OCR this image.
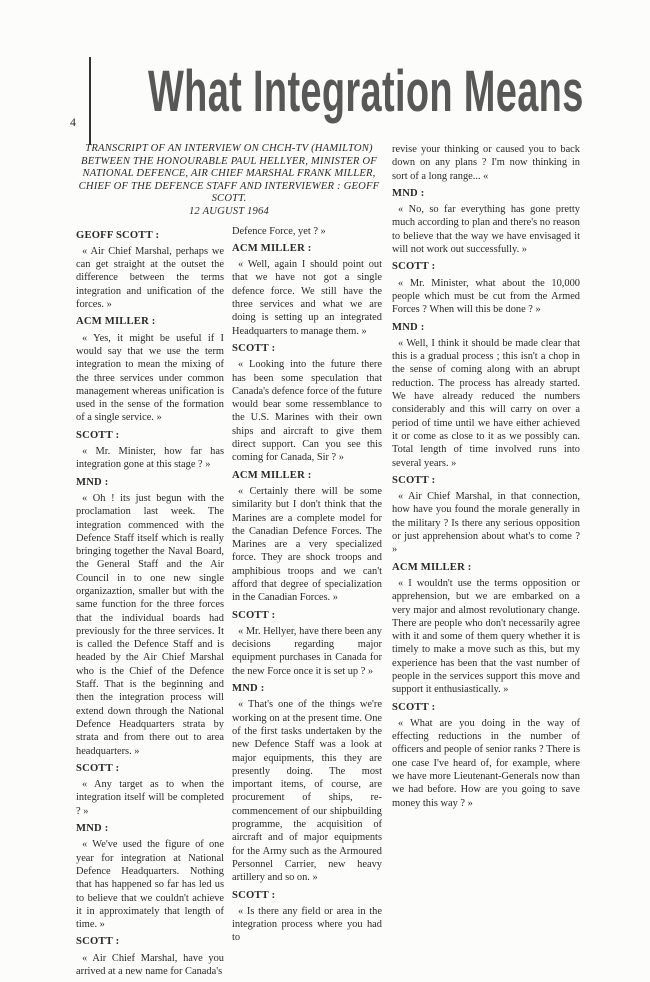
4 What Integration Means
TRANSCRIPT OF AN INTERVIEW ON CHCH-TV (HAMILTON) BETWEEN THE HONOURABLE PAUL HELLYER, MINISTER OF NATIONAL DEFENCE, AIR CHIEF MARSHAL FRANK MILLER, CHIEF OF THE DEFENCE STAFF AND INTERVIEWER : GEOFF SCOTT.
12 AUGUST 1964
GEOFF SCOTT :
« Air Chief Marshal, perhaps we can get straight at the outset the difference between the terms integration and unification of the forces. »
ACM MILLER :
« Yes, it might be useful if I would say that we use the term integration to mean the mixing of the three services under common management whereas unification is used in the sense of the formation of a single service. »
SCOTT :
« Mr. Minister, how far has integration gone at this stage ? »
MND :
« Oh ! its just begun with the proclamation last week. The integration commenced with the Defence Staff itself which is really bringing together the Naval Board, the General Staff and the Air Council in to one new single organizaztion, smaller but with the same function for the three forces that the individual boards had previously for the three services. It is called the Defence Staff and is headed by the Air Chief Marshal who is the Chief of the Defence Staff. That is the beginning and then the integration process will extend down through the National Defence Headquarters strata by strata and from there out to area headquarters. »
SCOTT :
« Any target as to when the integration itself will be completed ? »
MND :
« We've used the figure of one year for integration at National Defence Headquarters. Nothing that has happened so far has led us to believe that we couldn't achieve it in approximately that length of time. »
SCOTT :
« Air Chief Marshal, have you arrived at a new name for Canada's
Defence Force, yet ? »
ACM MILLER :
« Well, again I should point out that we have not got a single defence force. We still have the three services and what we are doing is setting up an integrated Headquarters to manage them. »
SCOTT :
« Looking into the future there has been some speculation that Canada's defence force of the future would bear some ressemblance to the U.S. Marines with their own ships and aircraft to give them direct support. Can you see this coming for Canada, Sir ? »
ACM MILLER :
« Certainly there will be some similarity but I don't think that the Marines are a complete model for the Canadian Defence Forces. The Marines are a very specialized force. They are shock troops and amphibious troops and we can't afford that degree of specialization in the Canadian Forces. »
SCOTT :
« Mr. Hellyer, have there been any decisions regarding major equipment purchases in Canada for the new Force once it is set up ? »
MND :
« That's one of the things we're working on at the present time. One of the first tasks undertaken by the new Defence Staff was a look at major equipments, this they are presently doing. The most important items, of course, are procurement of ships, re-commencement of our shipbuilding programme, the acquisition of aircraft and of major equipments for the Army such as the Armoured Personnel Carrier, new heavy artillery and so on. »
SCOTT :
« Is there any field or area in the integration process where you had to
revise your thinking or caused you to back down on any plans ? I'm now thinking in sort of a long range... «
MND :
« No, so far everything has gone pretty much according to plan and there's no reason to believe that the way we have envisaged it will not work out successfully. »
SCOTT :
« Mr. Minister, what about the 10,000 people which must be cut from the Armed Forces ? When will this be done ? »
MND :
« Well, I think it should be made clear that this is a gradual process ; this isn't a chop in the sense of coming along with an abrupt reduction. The process has already started. We have already reduced the numbers considerably and this will carry on over a period of time until we have either achieved it or come as close to it as we possibly can. Total length of time involved runs into several years. »
SCOTT :
« Air Chief Marshal, in that connection, how have you found the morale generally in the military ? Is there any serious opposition or just apprehension about what's to come ? »
ACM MILLER :
« I wouldn't use the terms opposition or apprehension, but we are embarked on a very major and almost revolutionary change. There are people who don't necessarily agree with it and some of them query whether it is timely to make a move such as this, but my experience has been that the vast number of people in the services support this move and support it enthusiastically. »
SCOTT :
« What are you doing in the way of effecting reductions in the number of officers and people of senior ranks ? There is one case I've heard of, for example, where we have more Lieutenant-Generals now than we had before. How are you going to save money this way ? »
